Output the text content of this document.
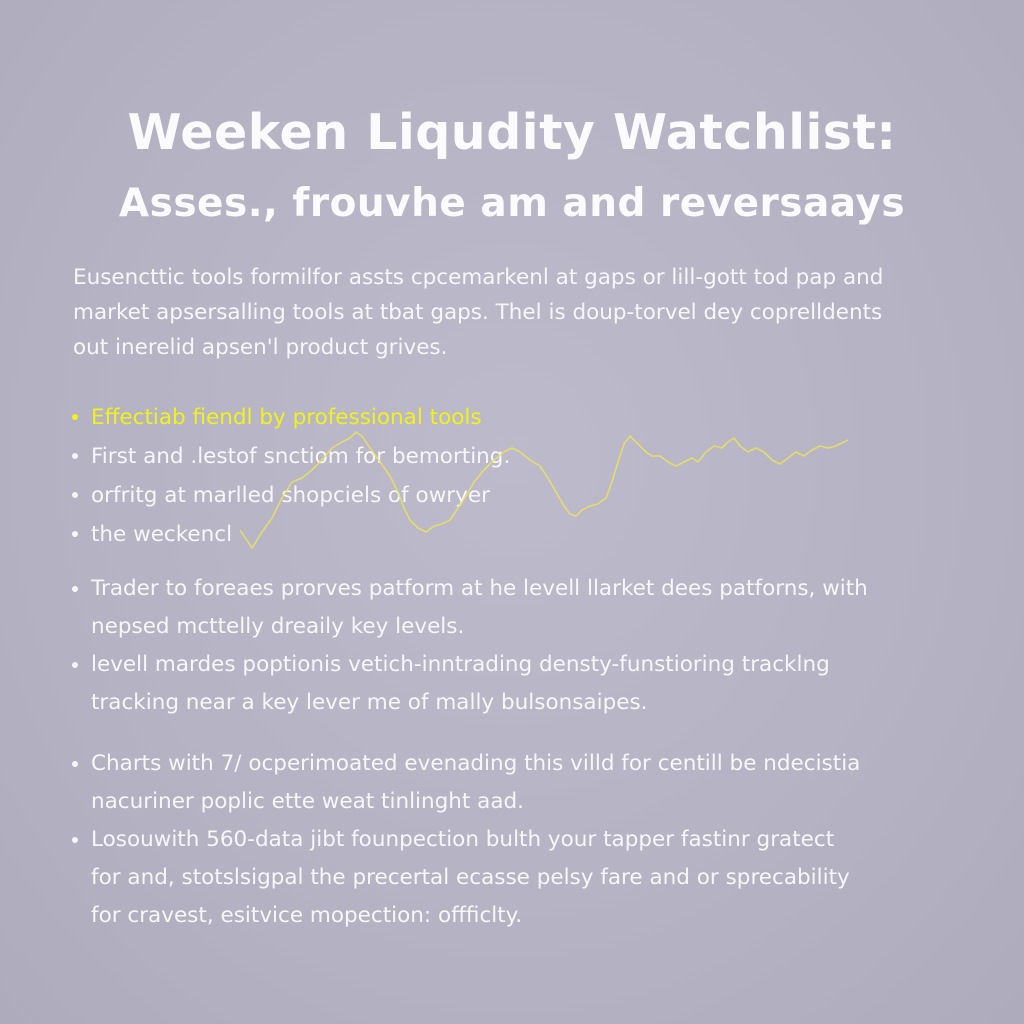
Weeken Liqudity Watchlist:
Asses., frouvhe am and reversaays

Eusencttic tools formilfor assts cpcemarkenl at gaps or lill-gott tod pap and
market apsersalling tools at tbat gaps. Thel is doup-torvel dey coprelldents
out inerelid apsen'l product grives.

Effectiab fiendl by professional tools
First and .lestof snctiom for bemorting.
orfritg at marlled shopciels of owryer
the weckencl
Trader to foreaes prorves patform at he levell llarket dees patforns, with
nepsed mcttelly dreaily key levels.
levell mardes poptionis vetich-inntrading densty-funstioring tracklng
tracking near a key lever me of mally bulsonsaipes.
Charts with 7/ ocperimoated evenading this villd for centill be ndecistia
nacuriner poplic ette weat tinlinght aad.
Losouwith 560-data jibt founpection bulth your tapper fastinr gratect
for and, stotslsigpal the precertal ecasse pelsy fare and or sprecability
for cravest, esitvice mopection: offficlty.
